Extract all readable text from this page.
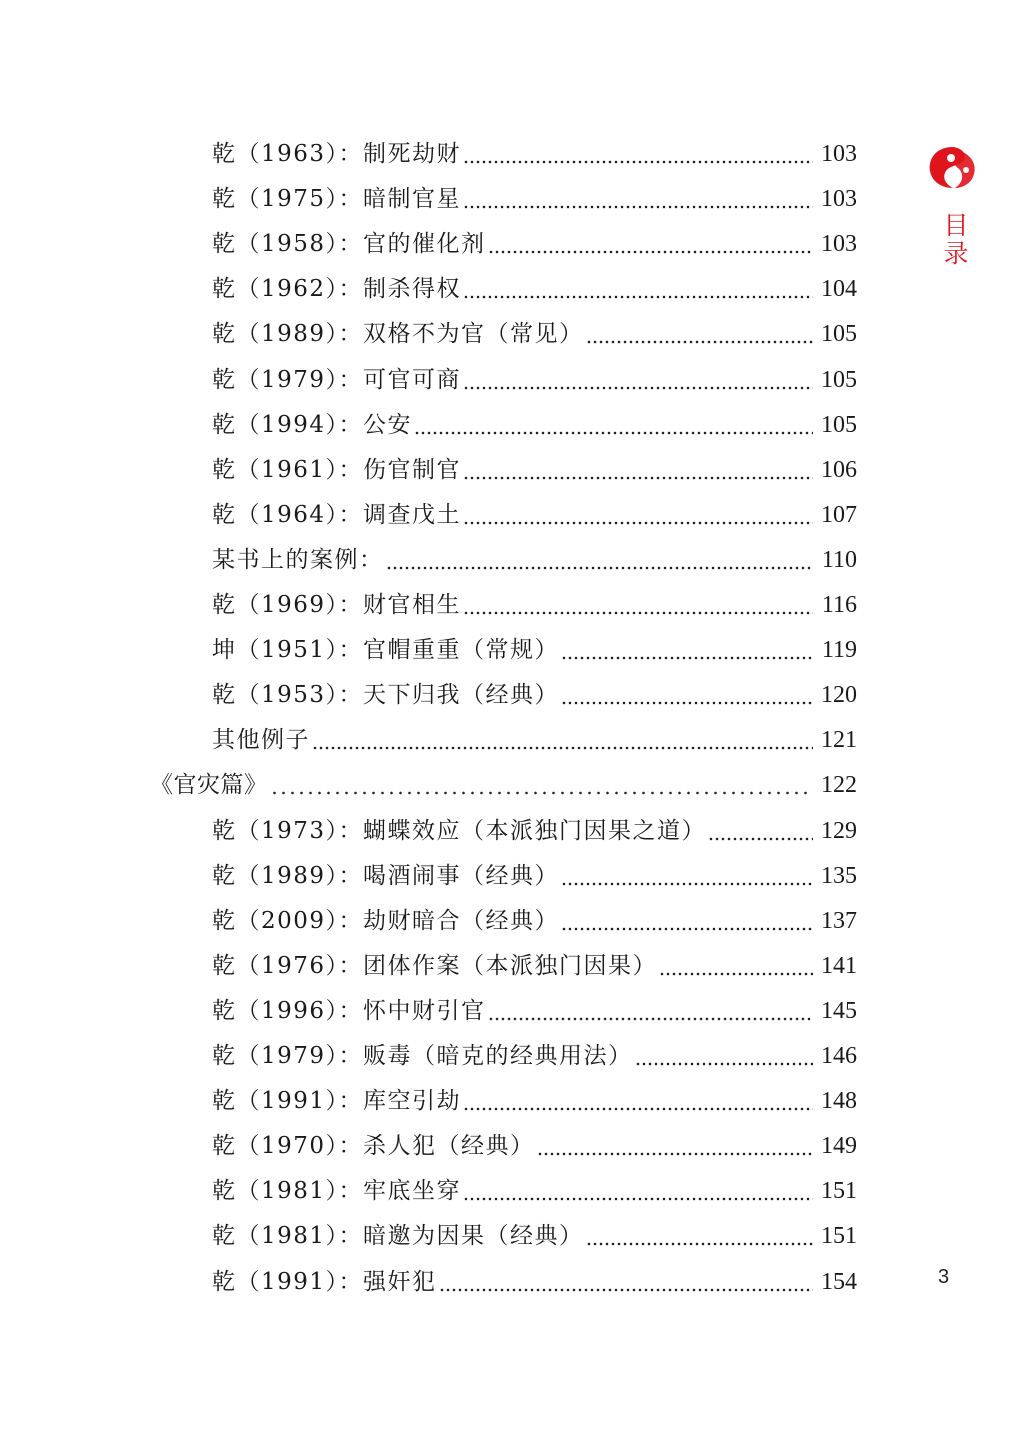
乾（1963）：制死劫财	103
乾（1975）：暗制官星	103
乾（1958）：官的催化剂	103
乾（1962）：制杀得权	104
乾（1989）：双格不为官（常见）	105
乾（1979）：可官可商	105
乾（1994）：公安	105
乾（1961）：伤官制官	106
乾（1964）：调查戊土	107
某书上的案例：	110
乾（1969）：财官相生	116
坤（1951）：官帽重重（常规）	119
乾（1953）：天下归我（经典）	120
其他例子	121
《官灾篇》	122
乾（1973）：蝴蝶效应（本派独门因果之道）	129
乾（1989）：喝酒闹事（经典）	135
乾（2009）：劫财暗合（经典）	137
乾（1976）：团体作案（本派独门因果）	141
乾（1996）：怀中财引官	145
乾（1979）：贩毒（暗克的经典用法）	146
乾（1991）：库空引劫	148
乾（1970）：杀人犯（经典）	149
乾（1981）：牢底坐穿	151
乾（1981）：暗邀为因果（经典）	151
乾（1991）：强奸犯	154
目
录
3
